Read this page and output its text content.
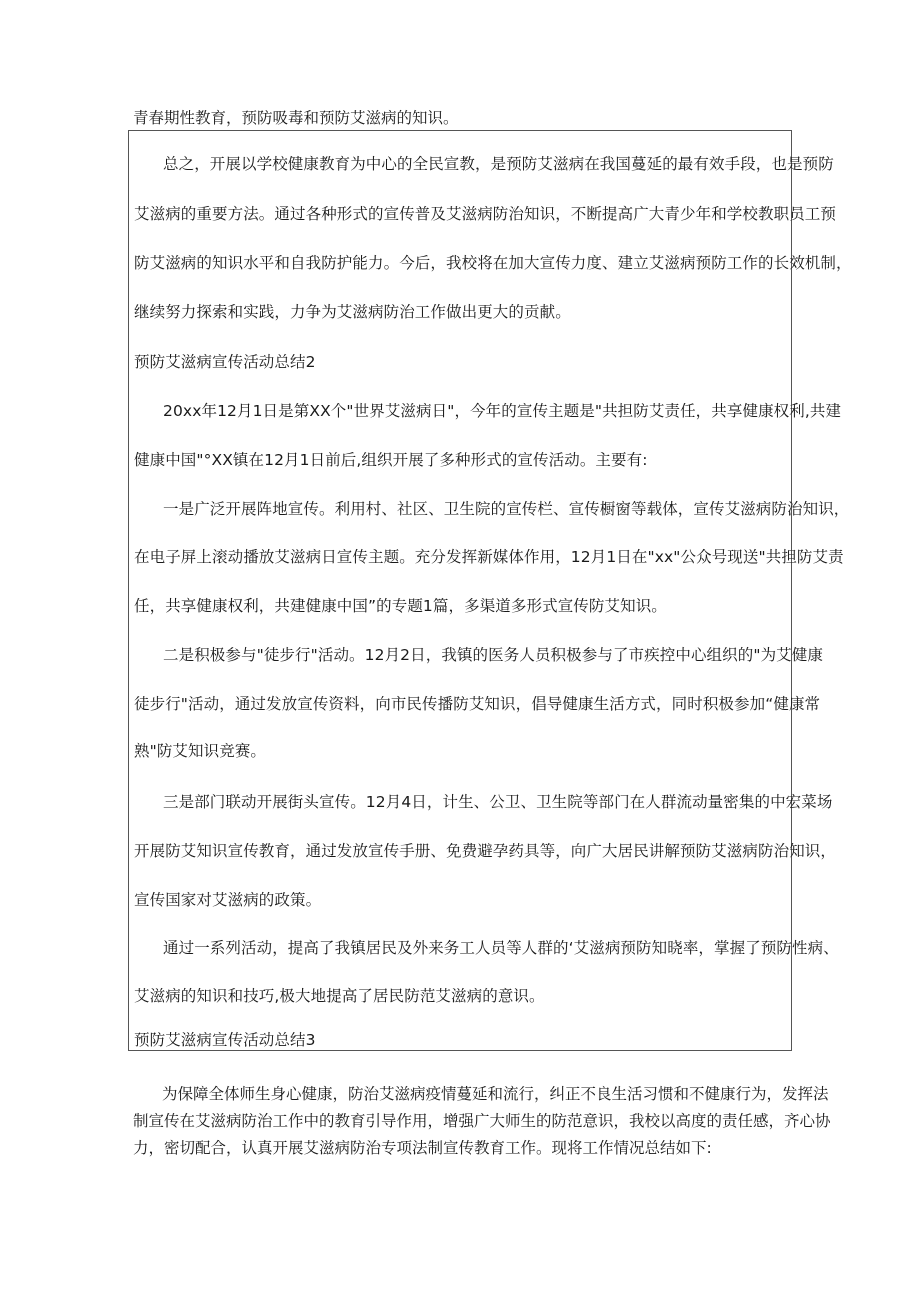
青春期性教育，预防吸毒和预防艾滋病的知识。
总之，开展以学校健康教育为中心的全民宣教，是预防艾滋病在我国蔓延的最有效手段，也是预防
艾滋病的重要方法。通过各种形式的宣传普及艾滋病防治知识，不断提高广大青少年和学校教职员工预
防艾滋病的知识水平和自我防护能力。今后，我校将在加大宣传力度、建立艾滋病预防工作的长效机制，
继续努力探索和实践，力争为艾滋病防治工作做出更大的贡献。
预防艾滋病宣传活动总结2
20xx年12月1日是第XX个"世界艾滋病日"，今年的宣传主题是"共担防艾责任，共享健康权利,共建
健康中国"°XX镇在12月1日前后,组织开展了多种形式的宣传活动。主要有:
一是广泛开展阵地宣传。利用村、社区、卫生院的宣传栏、宣传橱窗等载体，宣传艾滋病防治知识，
在电子屏上滚动播放艾滋病日宣传主题。充分发挥新媒体作用，12月1日在"xx"公众号现送"共担防艾责
任，共享健康权利，共建健康中国”的专题1篇，多渠道多形式宣传防艾知识。
二是积极参与"徒步行"活动。12月2日，我镇的医务人员积极参与了市疾控中心组织的"为艾健康
徒步行"活动，通过发放宣传资料，向市民传播防艾知识，倡导健康生活方式，同时积极参加“健康常
熟"防艾知识竞赛。
三是部门联动开展街头宣传。12月4日，计生、公卫、卫生院等部门在人群流动量密集的中宏菜场
开展防艾知识宣传教育，通过发放宣传手册、免费避孕药具等，向广大居民讲解预防艾滋病防治知识，
宣传国家对艾滋病的政策。
通过一系列活动，提高了我镇居民及外来务工人员等人群的‘艾滋病预防知晓率，掌握了预防性病、
艾滋病的知识和技巧,极大地提高了居民防范艾滋病的意识。
预防艾滋病宣传活动总结3
为保障全体师生身心健康，防治艾滋病疫情蔓延和流行，纠正不良生活习惯和不健康行为，发挥法
制宣传在艾滋病防治工作中的教育引导作用，增强广大师生的防范意识，我校以高度的责任感，齐心协
力，密切配合，认真开展艾滋病防治专项法制宣传教育工作。现将工作情况总结如下:
